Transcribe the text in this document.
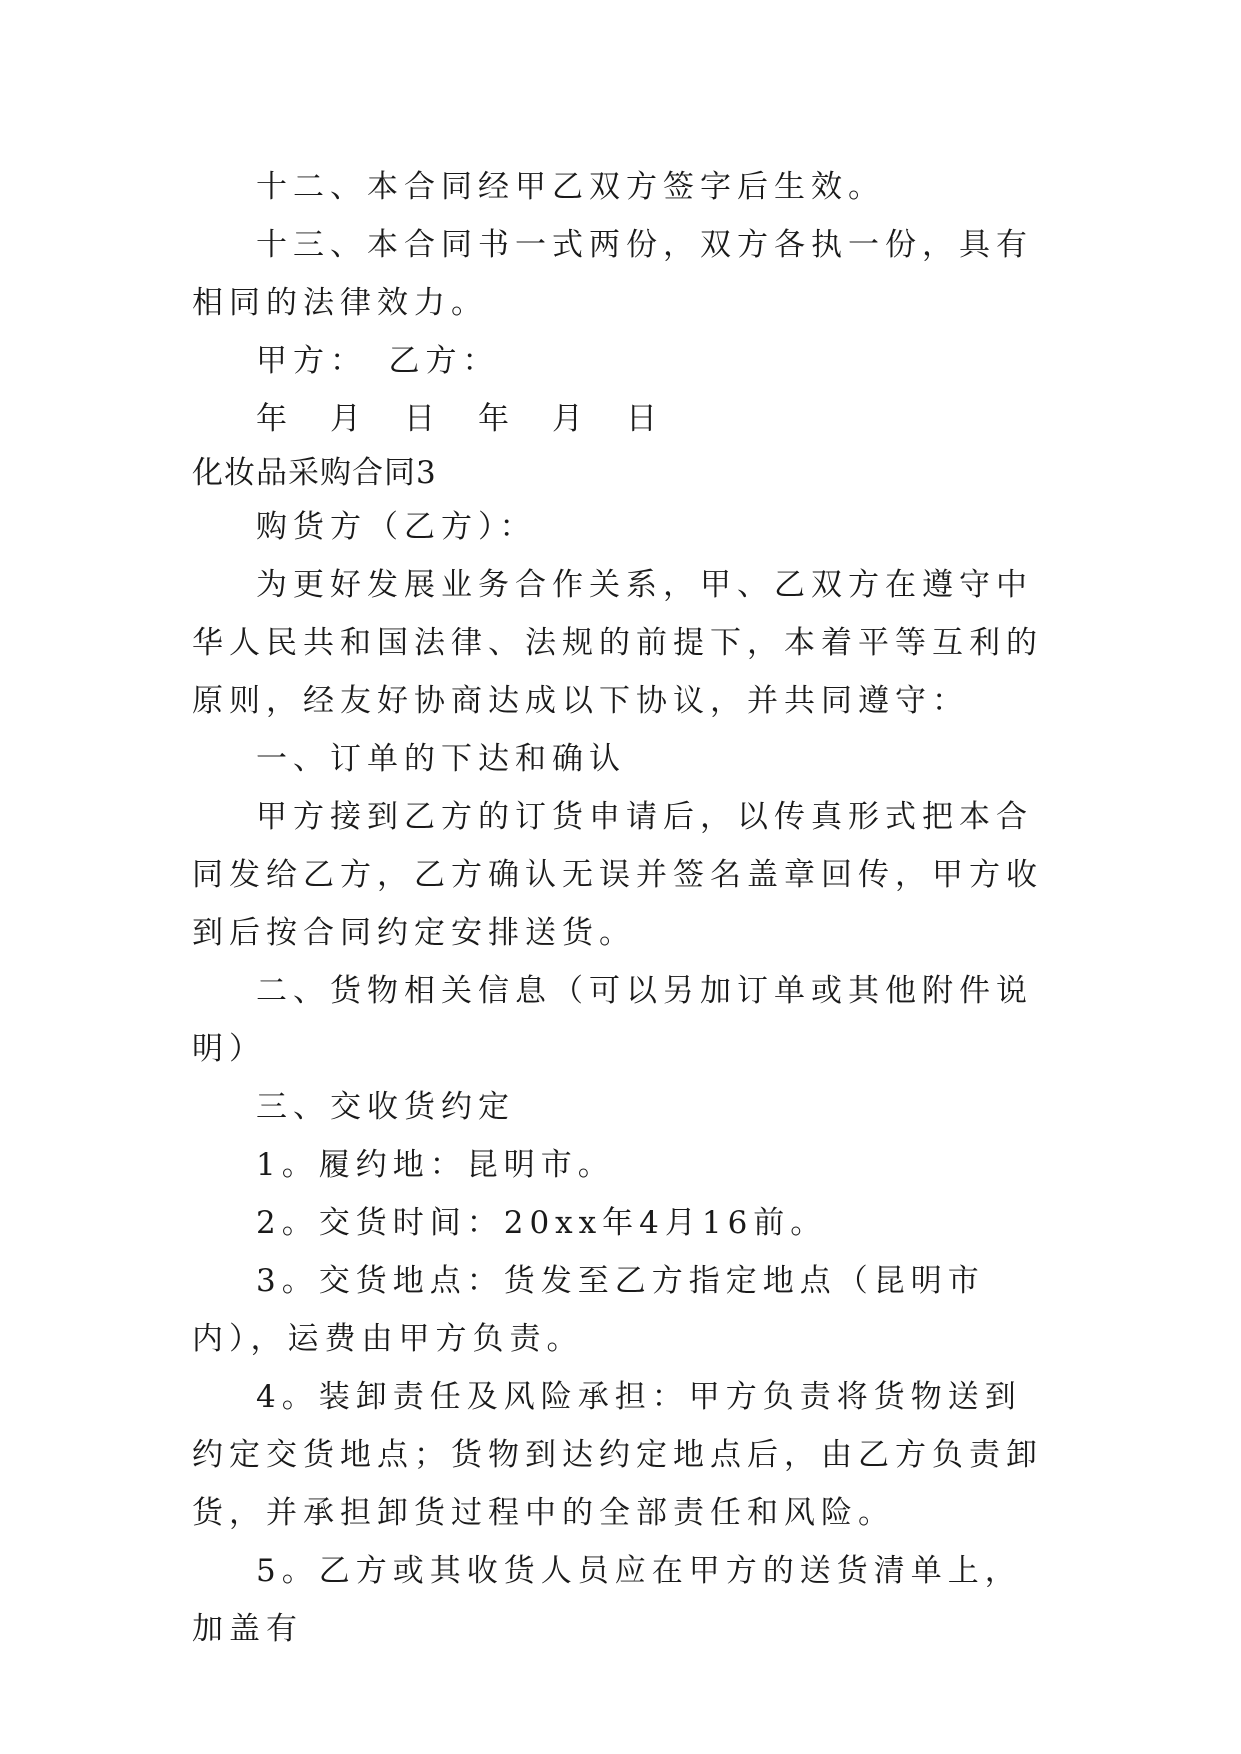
十二、本合同经甲乙双方签字后生效。

十三、本合同书一式两份，双方各执一份，具有相同的法律效力。

甲方：　乙方：

年　月　日　年　月　日

化妆品采购合同3

购货方（乙方）：

为更好发展业务合作关系，甲、乙双方在遵守中华人民共和国法律、法规的前提下，本着平等互利的原则，经友好协商达成以下协议，并共同遵守：

一、订单的下达和确认

甲方接到乙方的订货申请后，以传真形式把本合同发给乙方，乙方确认无误并签名盖章回传，甲方收到后按合同约定安排送货。

二、货物相关信息（可以另加订单或其他附件说明）

三、交收货约定

1。履约地：昆明市。

2。交货时间：20xx年4月16前。

3。交货地点：货发至乙方指定地点（昆明市内），运费由甲方负责。

4。装卸责任及风险承担：甲方负责将货物送到约定交货地点；货物到达约定地点后，由乙方负责卸货，并承担卸货过程中的全部责任和风险。

5。乙方或其收货人员应在甲方的送货清单上，加盖有
